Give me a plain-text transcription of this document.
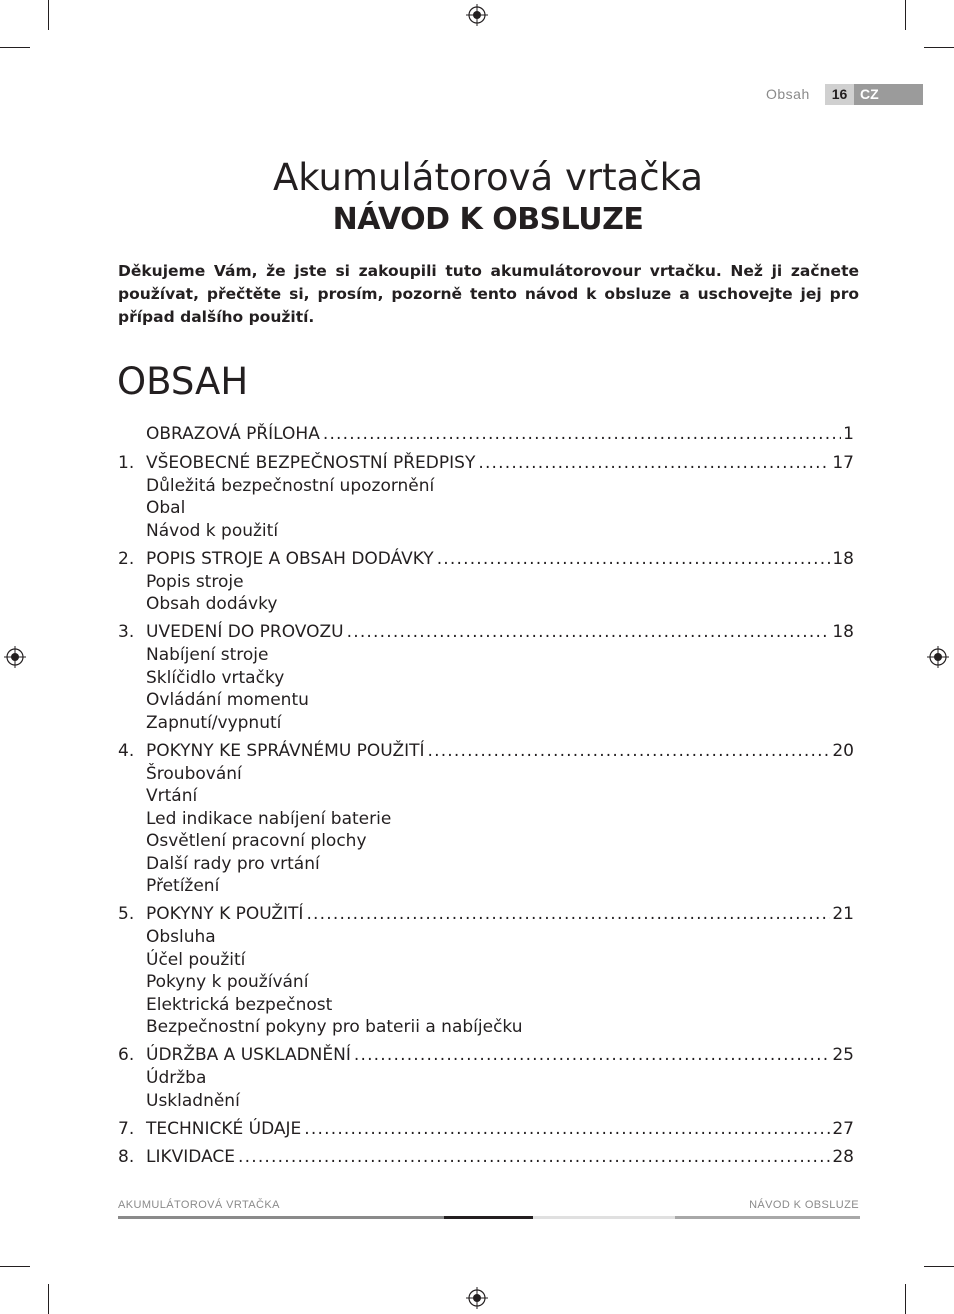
Obsah	16 CZ
Akumulátorová vrtačka
NÁVOD K OBSLUZE
Děkujeme Vám, že jste si zakoupili tuto akumulátorovour vrtačku. Než ji začnete používat, přečtěte si, prosím, pozorně tento návod k obsluze a uschovejte jej pro případ dalšího použití.
OBSAH
OBRAZOVÁ PŘÍLOHA .....	1
1. VŠEOBECNÉ BEZPEČNOSTNÍ PŘEDPISY .....	17
Důležitá bezpečnostní upozornění
Obal
Návod k použití
2. POPIS STROJE A OBSAH DODÁVKY .....	18
Popis stroje
Obsah dodávky
3. UVEDENÍ DO PROVOZU .....	18
Nabíjení stroje
Sklíčidlo vrtačky
Ovládání momentu
Zapnutí/vypnutí
4. POKYNY KE SPRÁVNÉMU POUŽITÍ .....	20
Šroubování
Vrtání
Led indikace nabíjení baterie
Osvětlení pracovní plochy
Další rady pro vrtání
Přetížení
5. POKYNY K POUŽITÍ .....	21
Obsluha
Účel použití
Pokyny k používání
Elektrická bezpečnost
Bezpečnostní pokyny pro baterii a nabíječku
6. ÚDRŽBA A USKLADNĚNÍ .....	25
Údržba
Uskladnění
7. TECHNICKÉ ÚDAJE .....	27
8. LIKVIDACE .....	28
AKUMULÁTOROVÁ VRTAČKA	NÁVOD K OBSLUZE
